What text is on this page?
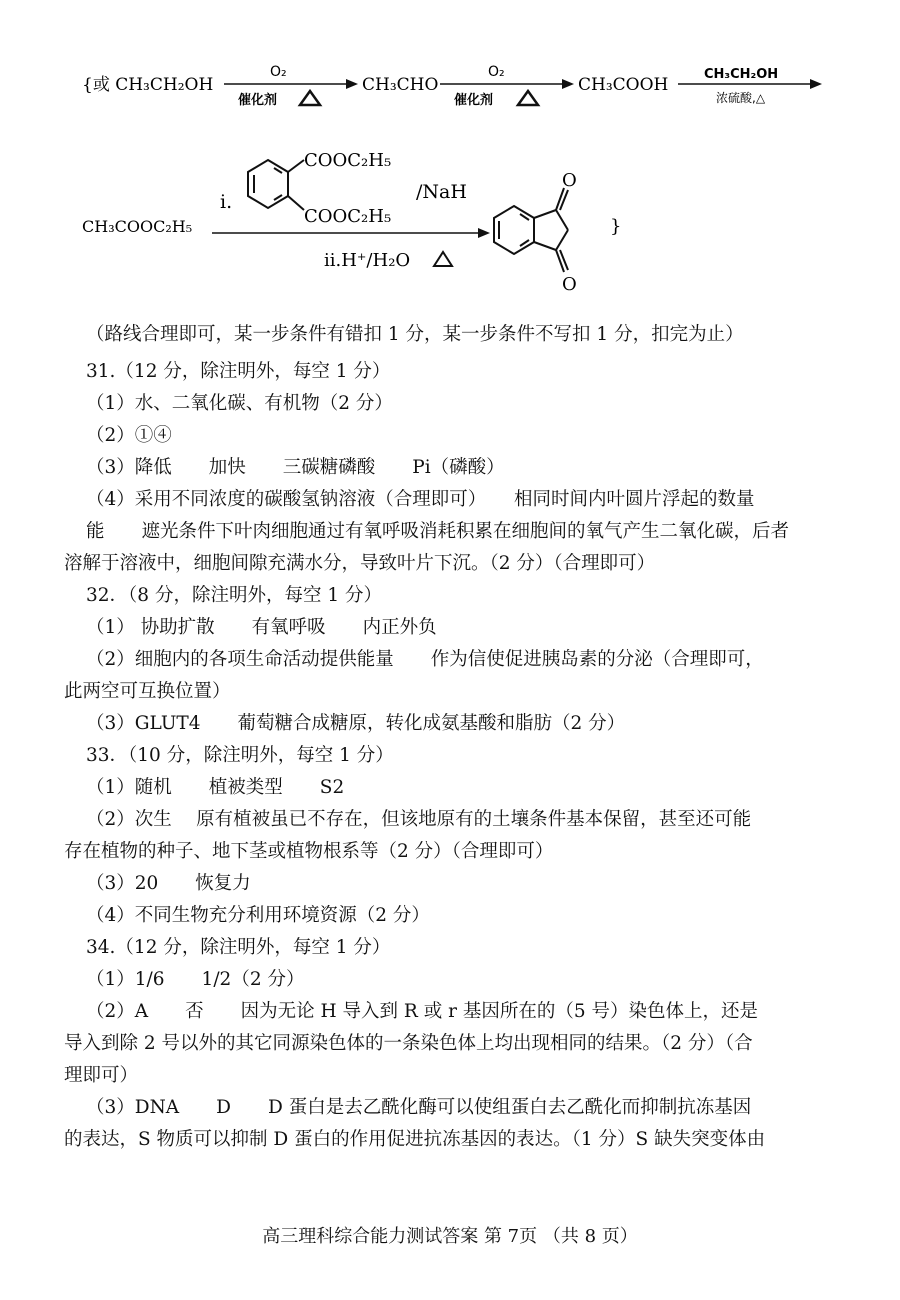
{或 CH₃CH₂OH
O₂
催化剂
CH₃CHO
O₂
催化剂
CH₃COOH
CH₃CH₂OH
浓硫酸,△
CH₃COOC₂H₅
i.
COOC₂H₅
COOC₂H₅
/NaH
ii.H⁺/H₂O
O
O
}
（路线合理即可，某一步条件有错扣 1 分，某一步条件不写扣 1 分，扣完为止）
31.（12 分，除注明外，每空 1 分）
（1）水、二氧化碳、有机物（2 分）
（2）①④
（3）降低　　加快　　三碳糖磷酸　　Pi（磷酸）
（4）采用不同浓度的碳酸氢钠溶液（合理即可）　　相同时间内叶圆片浮起的数量
能　　遮光条件下叶肉细胞通过有氧呼吸消耗积累在细胞间的氧气产生二氧化碳，后者
溶解于溶液中，细胞间隙充满水分，导致叶片下沉。（2 分）（合理即可）
32．（8 分，除注明外，每空 1 分）
（1） 协助扩散　　有氧呼吸　　内正外负
（2）细胞内的各项生命活动提供能量　　作为信使促进胰岛素的分泌（合理即可，
此两空可互换位置）
（3）GLUT4　　葡萄糖合成糖原，转化成氨基酸和脂肪（2 分）
33．（10 分，除注明外，每空 1 分）
（1）随机　　植被类型　　S2
（2）次生　 原有植被虽已不存在，但该地原有的土壤条件基本保留，甚至还可能
存在植物的种子、地下茎或植物根系等（2 分）（合理即可）
（3）20　　恢复力
（4）不同生物充分利用环境资源（2 分）
34.（12 分，除注明外，每空 1 分）
（1）1/6　　1/2（2 分）
（2）A　　否　　因为无论 H 导入到 R 或 r 基因所在的（5 号）染色体上，还是
导入到除 2 号以外的其它同源染色体的一条染色体上均出现相同的结果。（2 分）（合
理即可）
（3）DNA　　D　　D 蛋白是去乙酰化酶可以使组蛋白去乙酰化而抑制抗冻基因
的表达，S 物质可以抑制 D 蛋白的作用促进抗冻基因的表达。（1 分）S 缺失突变体由
高三理科综合能力测试答案 第 7页 （共 8 页）
